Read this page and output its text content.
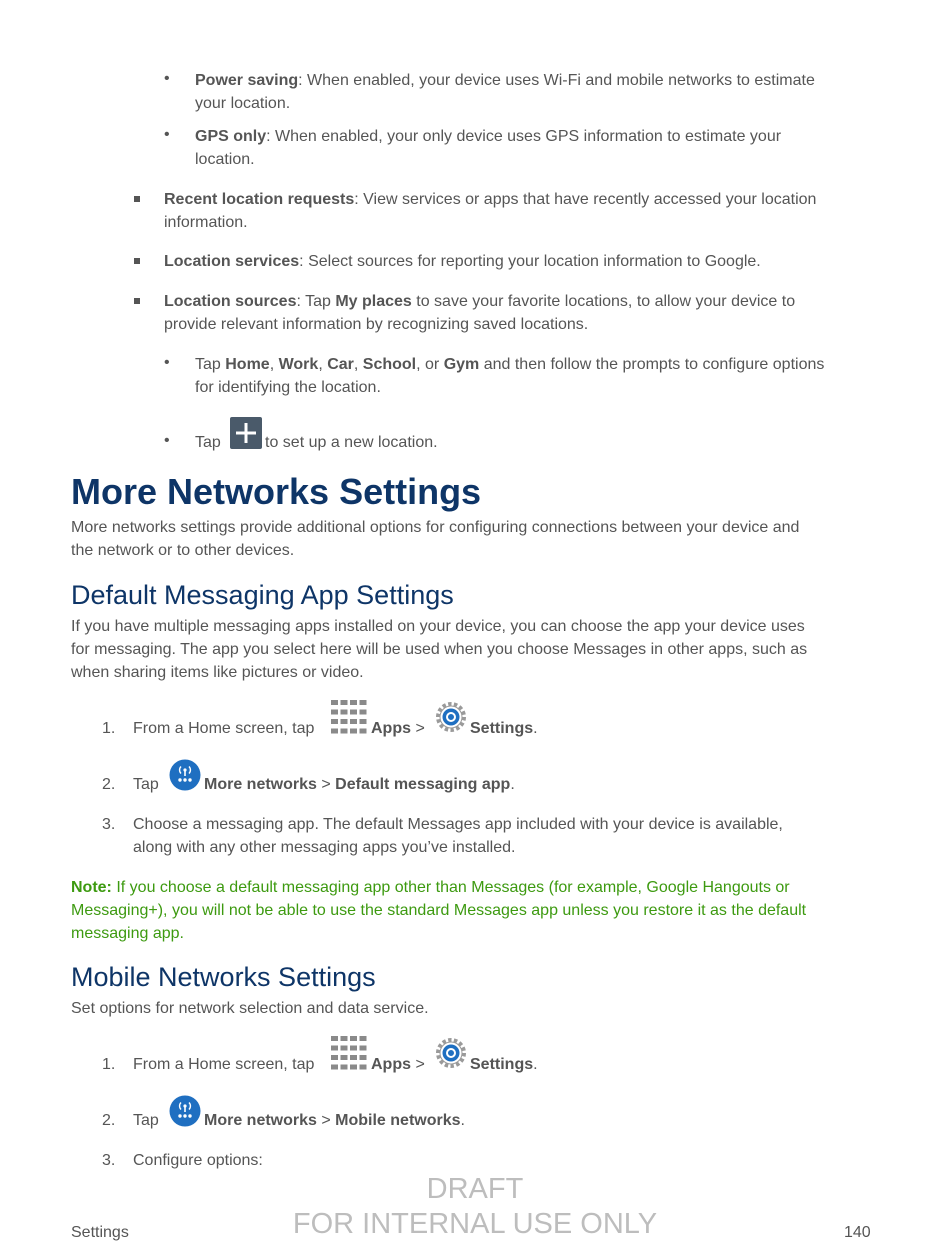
• Power saving: When enabled, your device uses Wi-Fi and mobile networks to estimate
your location.
• GPS only: When enabled, your only device uses GPS information to estimate your
location.
Recent location requests: View services or apps that have recently accessed your location
information.
Location services: Select sources for reporting your location information to Google.
Location sources: Tap My places to save your favorite locations, to allow your device to
provide relevant information by recognizing saved locations.
• Tap Home, Work, Car, School, or Gym and then follow the prompts to configure options
for identifying the location.
• Tap	to set up a new location.
More Networks Settings
More networks settings provide additional options for configuring connections between your device and
the network or to other devices.
Default Messaging App Settings
If you have multiple messaging apps installed on your device, you can choose the app your device uses
for messaging. The app you select here will be used when you choose Messages in other apps, such as
when sharing items like pictures or video.
1. From a Home screen, tap	Apps >	Settings.
2. Tap	More networks > Default messaging app.
3. Choose a messaging app. The default Messages app included with your device is available,
along with any other messaging apps you’ve installed.
Note: If you choose a default messaging app other than Messages (for example, Google Hangouts or
Messaging+), you will not be able to use the standard Messages app unless you restore it as the default
messaging app.
Mobile Networks Settings
Set options for network selection and data service.
1. From a Home screen, tap	Apps >	Settings.
2. Tap	More networks > Mobile networks.
3. Configure options:
DRAFT
FOR INTERNAL USE ONLY
Settings	140
